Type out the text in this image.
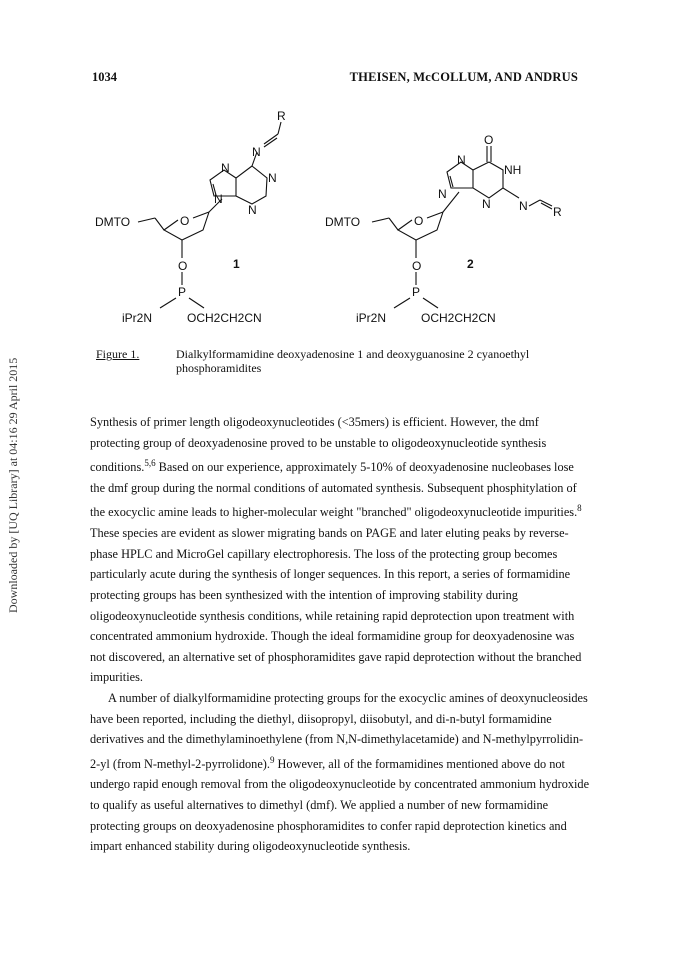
Downloaded by [UQ Library] at 04:16 29 April 2015
1034	THEISEN, McCOLLUM, AND ANDRUS
R
N
N
N
N
N
DMTO	O
1
O
P
iPr2N	OCH2CH2CN
O
N
NH
N
N N R
DMTO	O
2
O
P
iPr2N	OCH2CH2CN
Figure 1.	Dialkylformamidine deoxyadenosine 1 and deoxyguanosine 2 cyanoethyl phosphoramidites

Synthesis of primer length oligodeoxynucleotides (<35mers) is efficient. However, the dmf protecting group of deoxyadenosine proved to be unstable to oligodeoxynucleotide synthesis conditions.$^{5,6}$ Based on our experience, approximately 5-10% of deoxyadenosine nucleobases lose the dmf group during the normal conditions of automated synthesis. Subsequent phosphitylation of the exocyclic amine leads to higher-molecular weight "branched" oligodeoxynucleotide impurities.$^8$ These species are evident as slower migrating bands on PAGE and later eluting peaks by reverse-phase HPLC and MicroGel capillary electrophoresis. The loss of the protecting group becomes particularly acute during the synthesis of longer sequences. In this report, a series of formamidine protecting groups has been synthesized with the intention of improving stability during oligodeoxynucleotide synthesis conditions, while retaining rapid deprotection upon treatment with concentrated ammonium hydroxide. Though the ideal formamidine group for deoxyadenosine was not discovered, an alternative set of phosphoramidites gave rapid deprotection without the branched impurities.

A number of dialkylformamidine protecting groups for the exocyclic amines of deoxynucleosides have been reported, including the diethyl, diisopropyl, diisobutyl, and di-n-butyl formamidine derivatives and the dimethylaminoethylene (from N,N-dimethylacetamide) and N-methylpyrrolidin-2-yl (from N-methyl-2-pyrrolidone).$^9$ However, all of the formamidines mentioned above do not undergo rapid enough removal from the oligodeoxynucleotide by concentrated ammonium hydroxide to qualify as useful alternatives to dimethyl (dmf). We applied a number of new formamidine protecting groups on deoxyadenosine phosphoramidites to confer rapid deprotection kinetics and impart enhanced stability during oligodeoxynucleotide synthesis.
